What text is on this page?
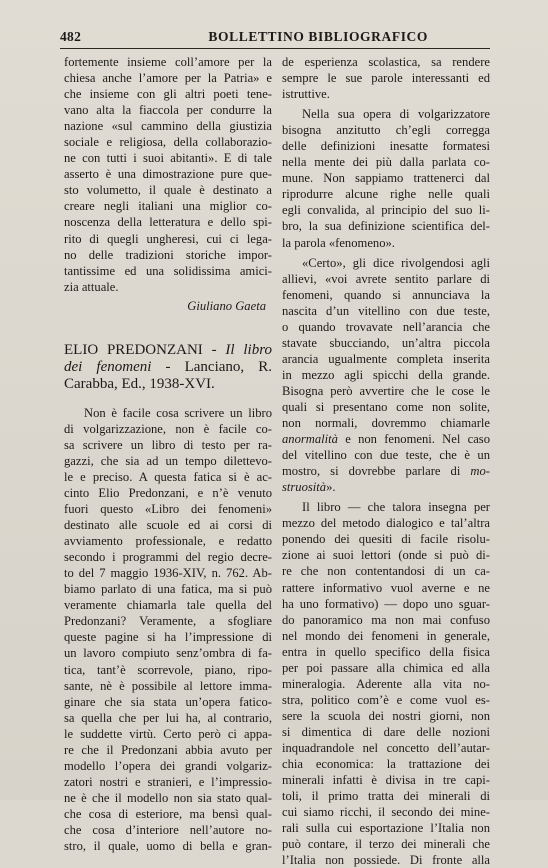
482	BOLLETTINO BIBLIOGRAFICO

fortemente insieme coll’amore per la
chiesa anche l’amore per la Patria» e
che insieme con gli altri poeti tene-
vano alta la fiaccola per condurre la
nazione «sul cammino della giustizia
sociale e religiosa, della collaborazio-
ne con tutti i suoi abitanti». E di tale
asserto è una dimostrazione pure que-
sto volumetto, il quale è destinato a
creare negli italiani una miglior co-
noscenza della letteratura e dello spi-
rito di quegli ungheresi, cui ci lega-
no delle tradizioni storiche impor-
tantissime ed una solidissima amici-
zia attuale.

Giuliano Gaeta
ELIO PREDONZANI - Il libro
dei fenomeni - Lanciano, R.
Carabba, Ed., 1938-XVI.

Non è facile cosa scrivere un libro
di volgarizzazione, non è facile co-
sa scrivere un libro di testo per ra-
gazzi, che sia ad un tempo dilettevo-
le e preciso. A questa fatica si è ac-
cinto Elio Predonzani, e n’è venuto
fuori questo «Libro dei fenomeni»
destinato alle scuole ed ai corsi di
avviamento professionale, e redatto
secondo i programmi del regio decre-
to del 7 maggio 1936-XIV, n. 762. Ab-
biamo parlato di una fatica, ma si può
veramente chiamarla tale quella del
Predonzani? Veramente, a sfogliare
queste pagine si ha l’impressione di
un lavoro compiuto senz’ombra di fa-
tica, tant’è scorrevole, piano, ripo-
sante, nè è possibile al lettore imma-
ginare che sia stata un’opera fatico-
sa quella che per lui ha, al contrario,
le suddette virtù. Certo però ci appa-
re che il Predonzani abbia avuto per
modello l’opera dei grandi volgariz-
zatori nostri e stranieri, e l’impressio-
ne è che il modello non sia stato qual-
che cosa di esteriore, ma bensì qual-
che cosa d’interiore nell’autore no-
stro, il quale, uomo di bella e gran-

de esperienza scolastica, sa rendere
sempre le sue parole interessanti ed
istruttive.

Nella sua opera di volgarizzatore
bisogna anzitutto ch’egli corregga
delle definizioni inesatte formatesi
nella mente dei più dalla parlata co-
mune. Non sappiamo trattenerci dal
riprodurre alcune righe nelle quali
egli convalida, al principio del suo li-
bro, la sua definizione scientifica del-
la parola «fenomeno».

«Certo», gli dice rivolgendosi agli
allievi, «voi avrete sentito parlare di
fenomeni, quando si annunciava la
nascita d’un vitellino con due teste,
o quando trovavate nell’arancia che
stavate sbucciando, un’altra piccola
arancia ugualmente completa inserita
in mezzo agli spicchi della grande.
Bisogna però avvertire che le cose le
quali si presentano come non solite,
non normali, dovremmo chiamarle

anormalità e non fenomeni. Nel caso

del vitellino con due teste, che è un
mostro, si dovrebbe parlare di mo-

struosità».

Il libro — che talora insegna per
mezzo del metodo dialogico e tal’altra
ponendo dei quesiti di facile risolu-
zione ai suoi lettori (onde si può di-
re che non contentandosi di un ca-
rattere informativo vuol averne e ne
ha uno formativo) — dopo uno sguar-
do panoramico ma non mai confuso
nel mondo dei fenomeni in generale,
entra in quello specifico della fisica
per poi passare alla chimica ed alla
mineralogia. Aderente alla vita no-
stra, politico com’è e come vuol es-
sere la scuola dei nostri giorni, non
si dimentica di dare delle nozioni
inquadrandole nel concetto dell’autar-
chia economica: la trattazione dei
minerali infatti è divisa in tre capi-
toli, il primo tratta dei minerali di
cui siamo ricchi, il secondo dei mine-
rali sulla cui esportazione l’Italia non
può contare, il terzo dei minerali che
l’Italia non possiede. Di fronte alla
